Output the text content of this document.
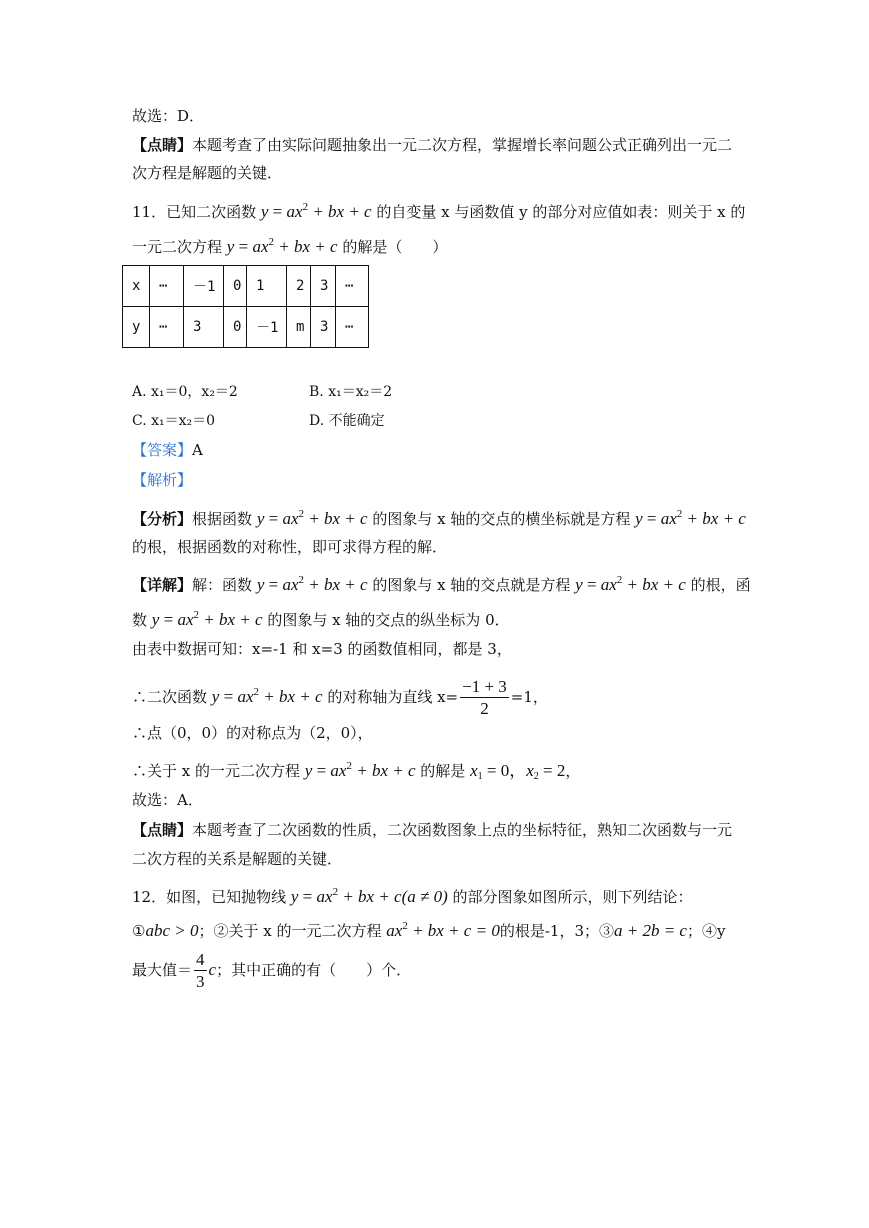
故选：D．
【点睛】本题考查了由实际问题抽象出一元二次方程，掌握增长率问题公式正确列出一元二
次方程是解题的关键．
11．已知二次函数 $y = ax^2$ + bx + c 的自变量 x 与函数值 y 的部分对应值如表：则关于 x 的
一元二次方程 $y = ax^2$ + bx + c 的解是（　　）
x	⋯	－1	0	1	2	3	⋯
y	⋯	3	0	－1	m	3	⋯
A. x₁＝0，x₂＝2	B. x₁＝x₂＝2
C. x₁＝x₂＝0	D. 不能确定
【答案】A
【解析】
【分析】根据函数 $y = ax^2$ + bx + c 的图象与 x 轴的交点的横坐标就是方程 $y = ax^2$ + bx + c
的根，根据函数的对称性，即可求得方程的解．
【详解】解：函数 $y = ax^2$ + bx + c 的图象与 x 轴的交点就是方程 $y = ax^2$ + bx + c 的根，函
数 $y = ax^2$ + bx + c 的图象与 x 轴的交点的纵坐标为 0．
由表中数据可知：x=-1 和 x=3 的函数值相同，都是 3，
∴二次函数 $y = ax^2$ + bx + c 的对称轴为直线 $x= \frac{-1 + 3}{2} =1$，
∴点（0，0）的对称点为（2，0），
∴关于 x 的一元二次方程 $y = ax^2$ + bx + c 的解是 $x_1 = 0$，$x_2 = 2$，
故选：A．
【点睛】本题考查了二次函数的性质，二次函数图象上点的坐标特征，熟知二次函数与一元
二次方程的关系是解题的关键．
12．如图，已知抛物线 $y = ax^2$ + bx + c(a ≠ 0) 的部分图象如图所示，则下列结论：
①abc > 0；②关于 x 的一元二次方程 $ax^2$ + bx + c = 0的根是-1，3；③a + 2b = c；④y
最大值＝ $\frac{4}{3}$ c；其中正确的有（　　）个．
